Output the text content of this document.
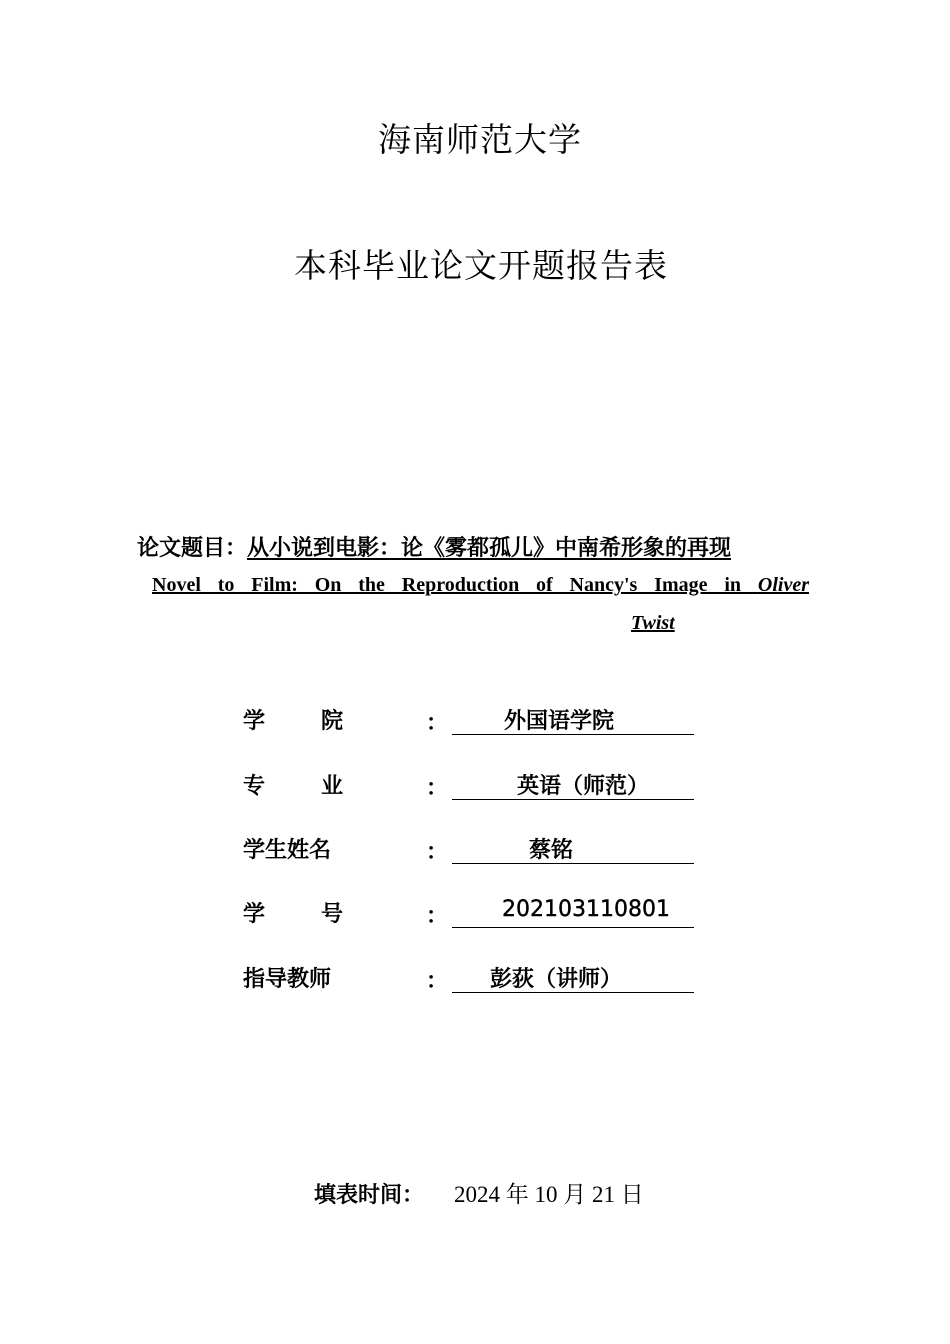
海南师范大学
本科毕业论文开题报告表
论文题目：从小说到电影：论《雾都孤儿》中南希形象的再现
Novel to Film: On the Reproduction of Nancy's Image in Oliver
Twist
学院	：	外国语学院
专业	：	英语（师范）
学生姓名	：	蔡铭
学号	： 202103110801
指导教师	： 彭荻（讲师）
填表时间： 2024 年 10 月 21 日
